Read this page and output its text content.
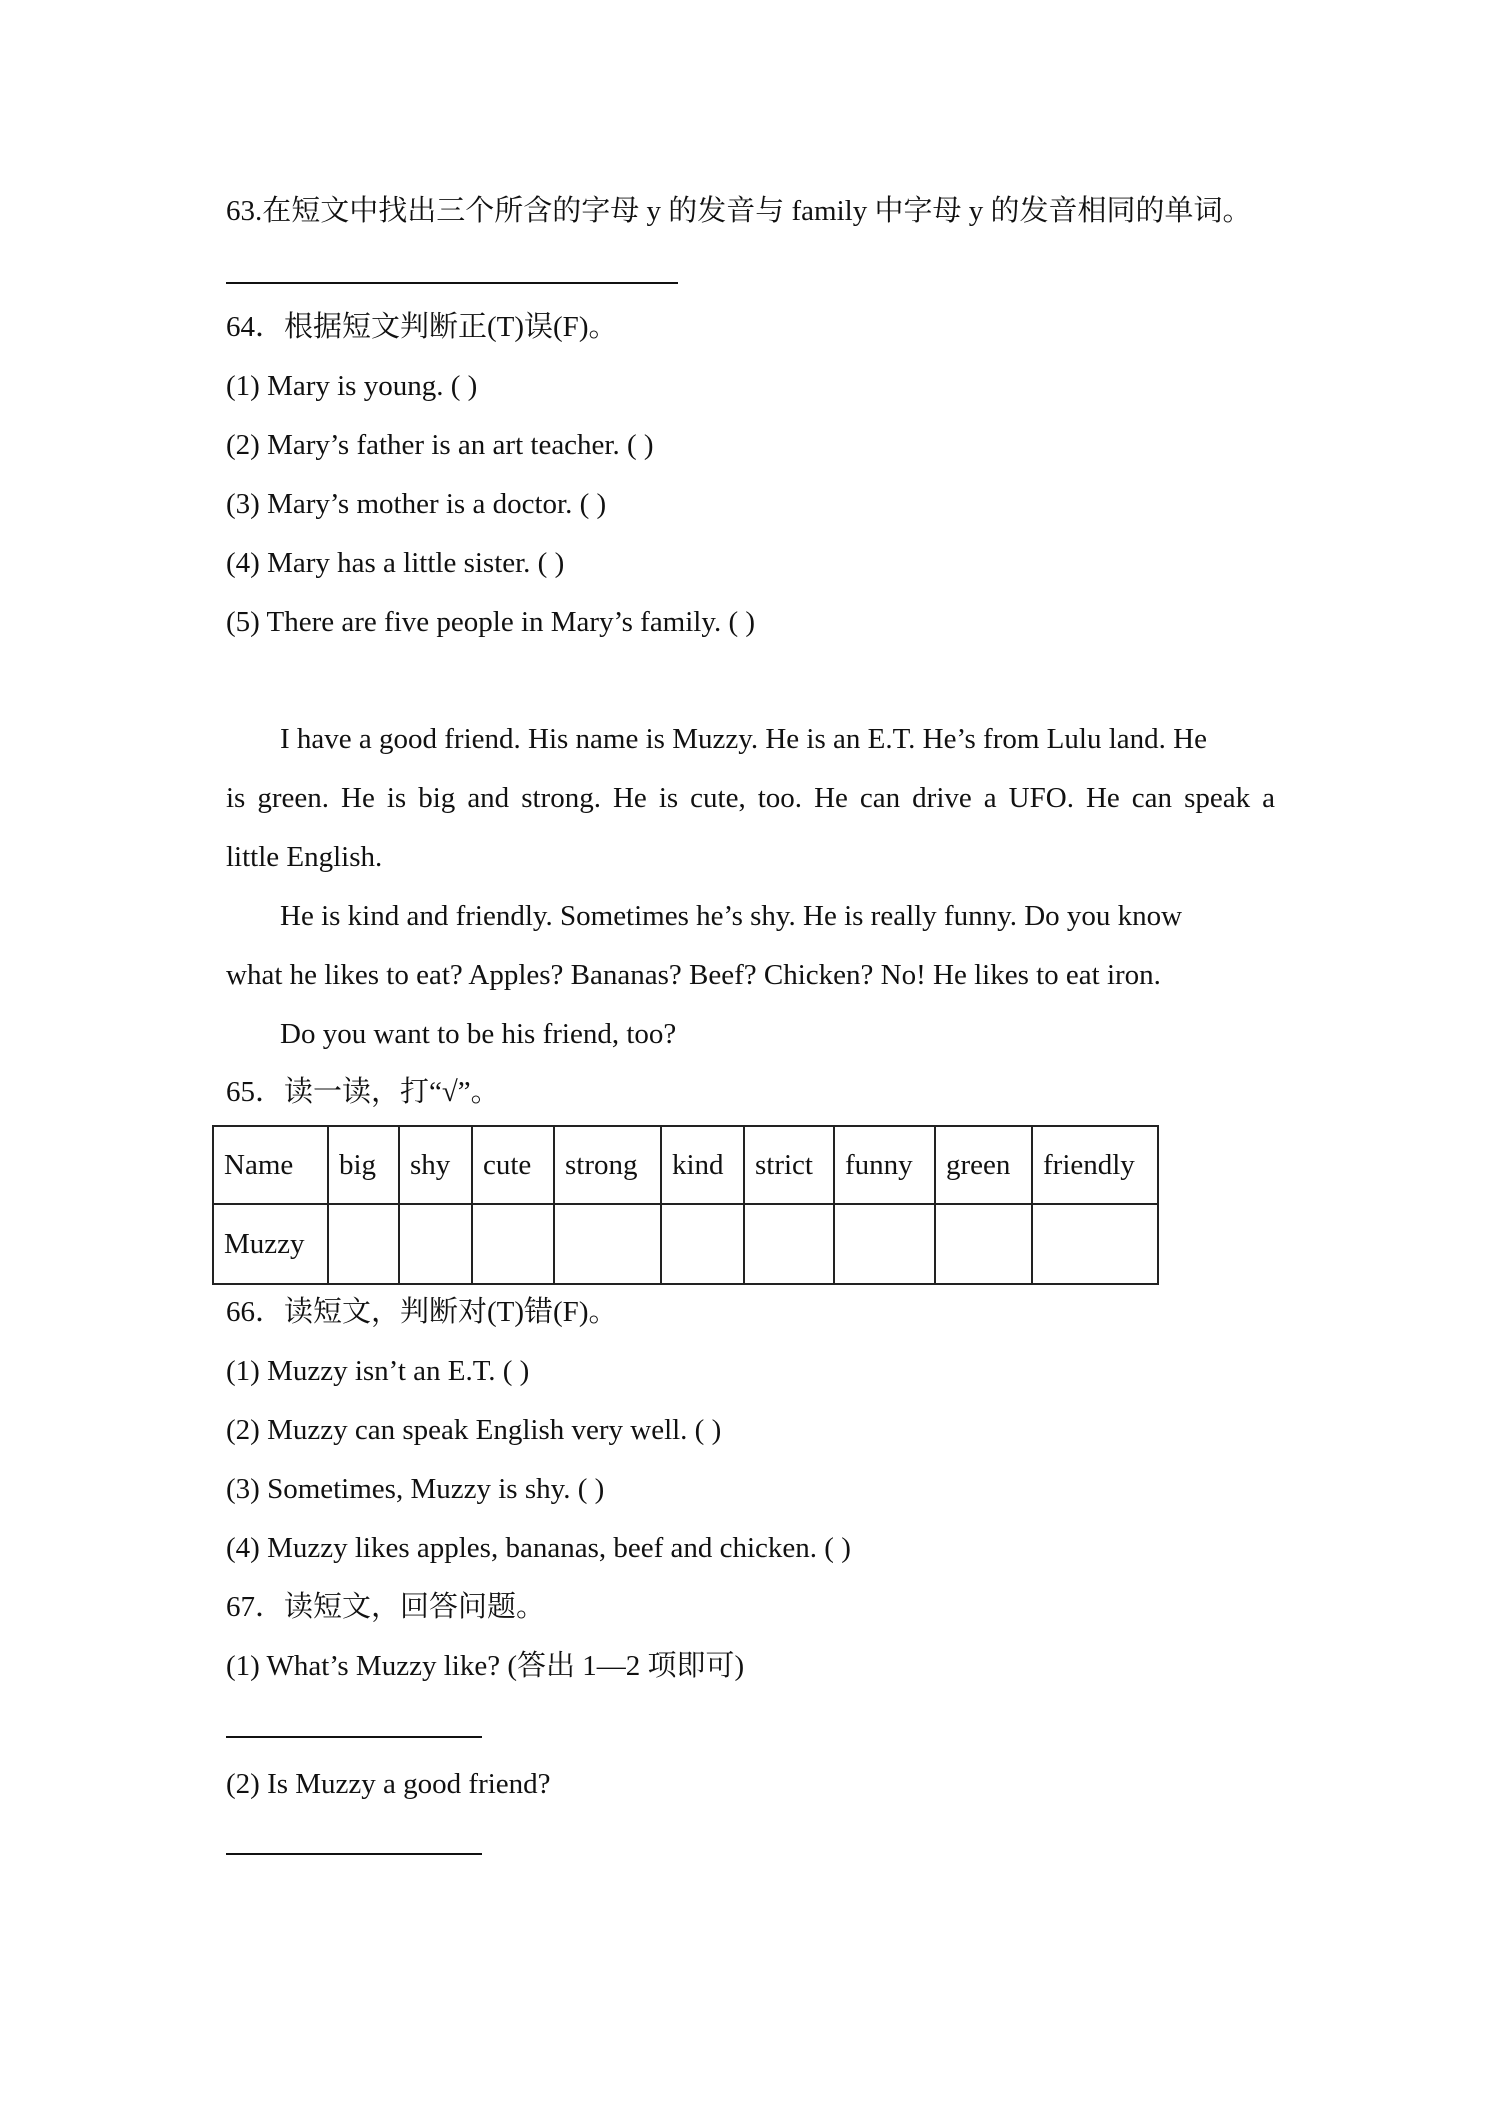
63.在短文中找出三个所含的字母 y 的发音与 family 中字母 y 的发音相同的单词。

64．根据短文判断正(T)误(F)。

(1) Mary is young. ( )

(2) Mary’s father is an art teacher. ( )

(3) Mary’s mother is a doctor. ( )

(4) Mary has a little sister. ( )

(5) There are five people in Mary’s family. ( )

I have a good friend. His name is Muzzy. He is an E.T. He’s from Lulu land. He

is green. He is big and strong. He is cute, too. He can drive a UFO. He can speak a

little English.

He is kind and friendly. Sometimes he’s shy. He is really funny. Do you know

what he likes to eat? Apples? Bananas? Beef? Chicken? No! He likes to eat iron.

Do you want to be his friend, too?

65．读一读，打“√”。

Name	big	shy	cute	strong	kind	strict	funny	green	friendly
Muzzy									

66．读短文，判断对(T)错(F)。

(1) Muzzy isn’t an E.T. ( )

(2) Muzzy can speak English very well. ( )

(3) Sometimes, Muzzy is shy. ( )

(4) Muzzy likes apples, bananas, beef and chicken. ( )

67．读短文，回答问题。

(1) What’s Muzzy like? (答出 1—2 项即可)

(2) Is Muzzy a good friend?
